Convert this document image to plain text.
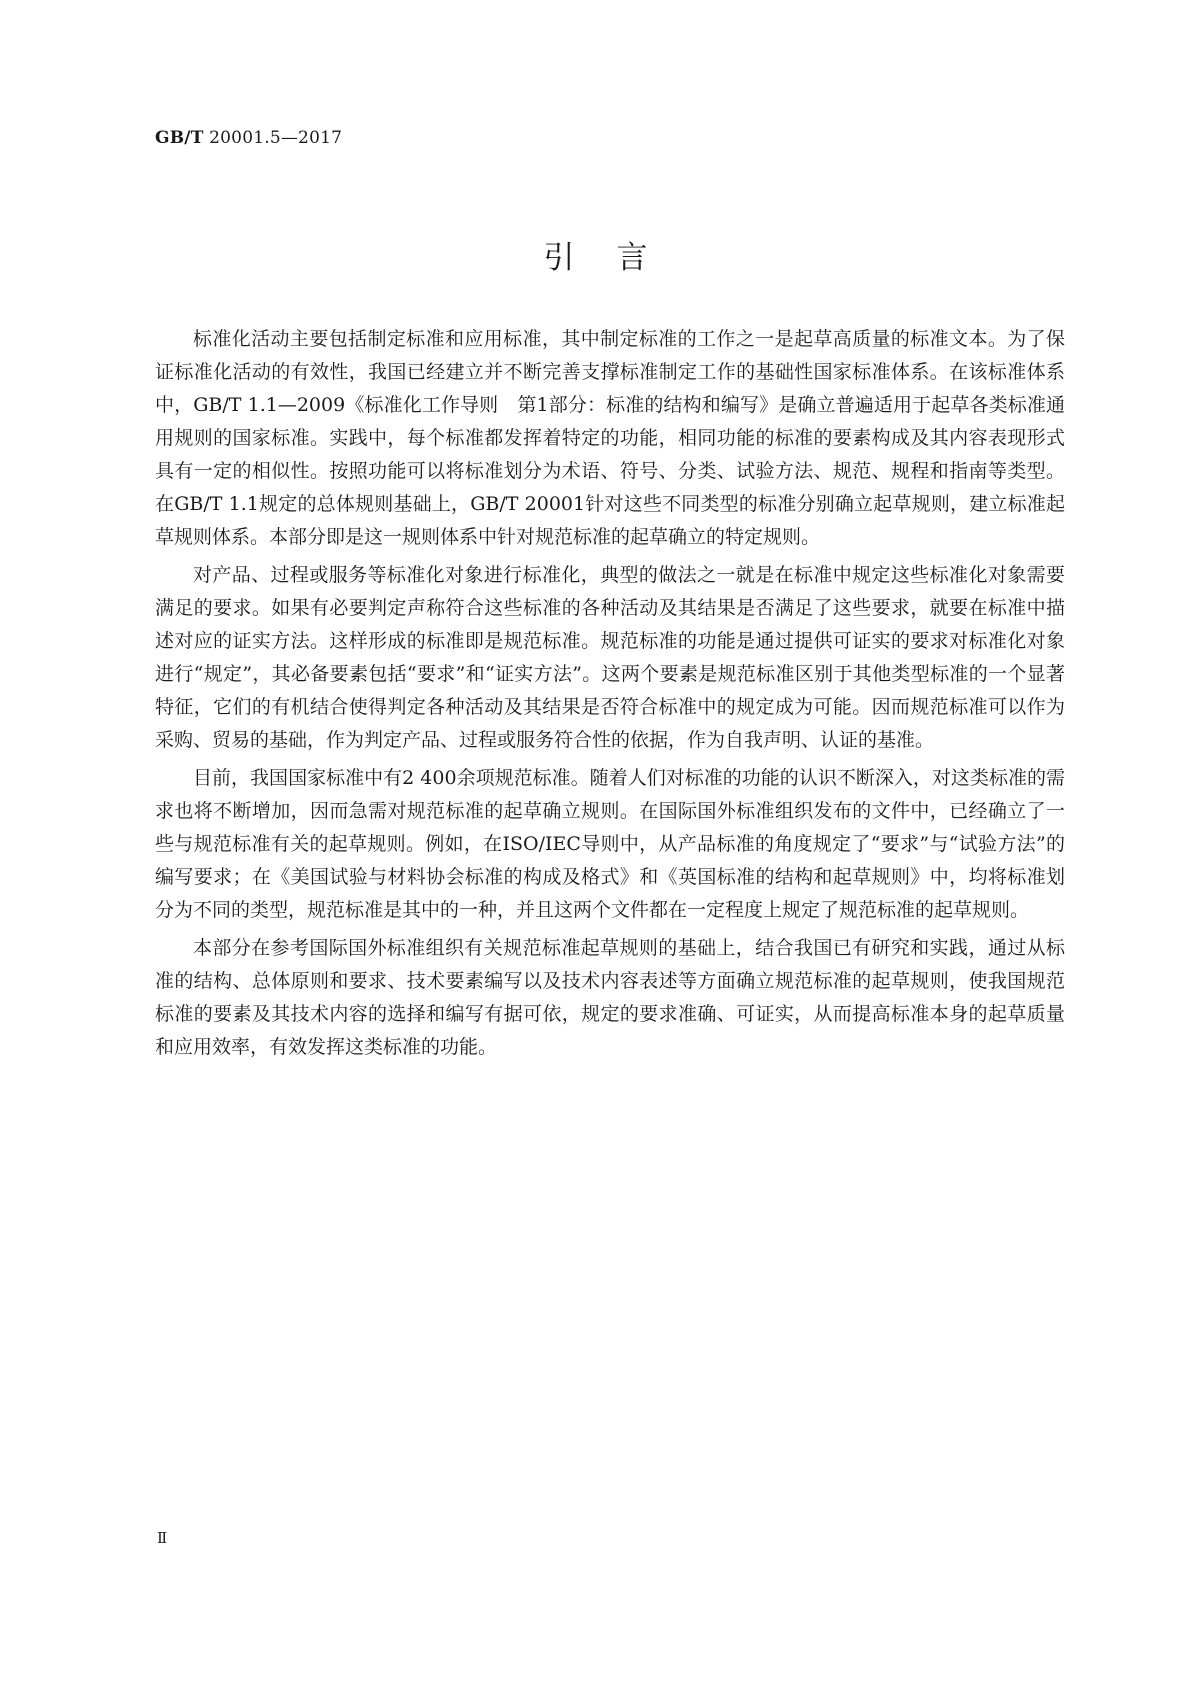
GB/T 20001.5—2017
引言

标准化活动主要包括制定标准和应用标准，其中制定标准的工作之一是起草高质量的标准文本。为了保证标准化活动的有效性，我国已经建立并不断完善支撑标准制定工作的基础性国家标准体系。在该标准体系中，GB/T 1.1—2009《标准化工作导则　第1部分：标准的结构和编写》是确立普遍适用于起草各类标准通用规则的国家标准。实践中，每个标准都发挥着特定的功能，相同功能的标准的要素构成及其内容表现形式具有一定的相似性。按照功能可以将标准划分为术语、符号、分类、试验方法、规范、规程和指南等类型。在GB/T 1.1规定的总体规则基础上，GB/T 20001针对这些不同类型的标准分别确立起草规则，建立标准起草规则体系。本部分即是这一规则体系中针对规范标准的起草确立的特定规则。

对产品、过程或服务等标准化对象进行标准化，典型的做法之一就是在标准中规定这些标准化对象需要满足的要求。如果有必要判定声称符合这些标准的各种活动及其结果是否满足了这些要求，就要在标准中描述对应的证实方法。这样形成的标准即是规范标准。规范标准的功能是通过提供可证实的要求对标准化对象进行“规定”，其必备要素包括“要求”和“证实方法”。这两个要素是规范标准区别于其他类型标准的一个显著特征，它们的有机结合使得判定各种活动及其结果是否符合标准中的规定成为可能。因而规范标准可以作为采购、贸易的基础，作为判定产品、过程或服务符合性的依据，作为自我声明、认证的基准。

目前，我国国家标准中有2 400余项规范标准。随着人们对标准的功能的认识不断深入，对这类标准的需求也将不断增加，因而急需对规范标准的起草确立规则。在国际国外标准组织发布的文件中，已经确立了一些与规范标准有关的起草规则。例如，在ISO/IEC导则中，从产品标准的角度规定了“要求”与“试验方法”的编写要求；在《美国试验与材料协会标准的构成及格式》和《英国标准的结构和起草规则》中，均将标准划分为不同的类型，规范标准是其中的一种，并且这两个文件都在一定程度上规定了规范标准的起草规则。

本部分在参考国际国外标准组织有关规范标准起草规则的基础上，结合我国已有研究和实践，通过从标准的结构、总体原则和要求、技术要素编写以及技术内容表述等方面确立规范标准的起草规则，使我国规范标准的要素及其技术内容的选择和编写有据可依，规定的要求准确、可证实，从而提高标准本身的起草质量和应用效率，有效发挥这类标准的功能。

Ⅱ
